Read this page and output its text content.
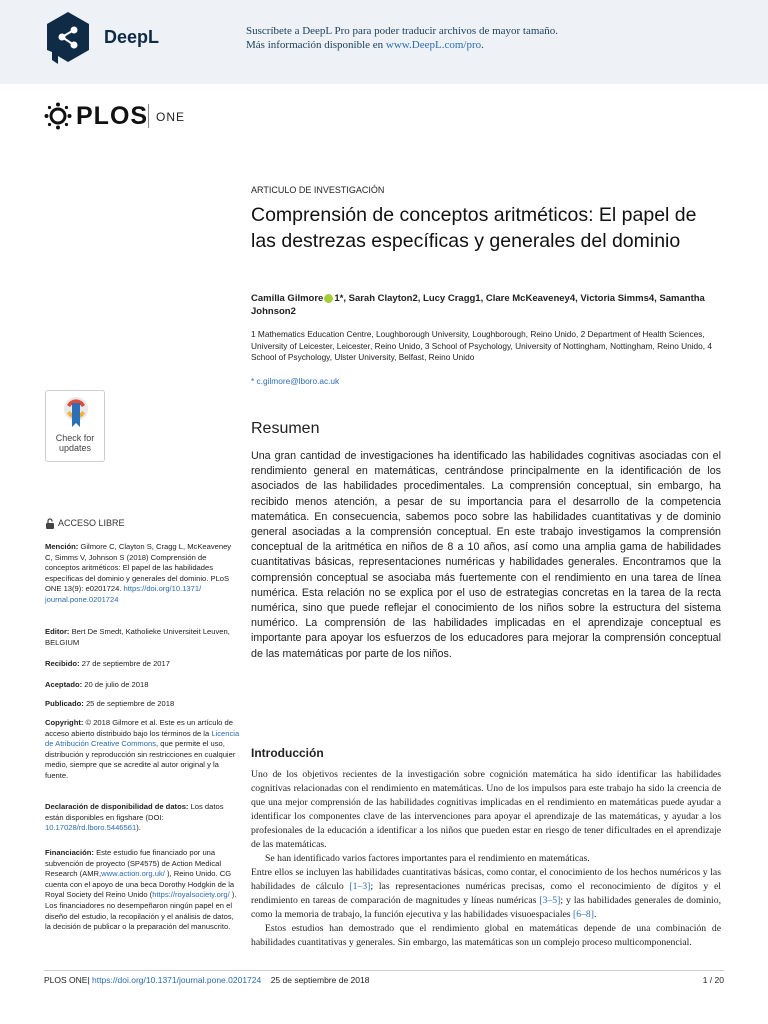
DeepL	Suscríbete a DeepL Pro para poder traducir archivos de mayor tamaño.
Más información disponible en www.DeepL.com/pro.
PLOS ONE
ARTICULO DE INVESTIGACIÓN
Comprensión de conceptos aritméticos: El papel de las destrezas específicas y generales del dominio
Camilla Gilmore 1*, Sarah Clayton2, Lucy Cragg1, Clare McKeaveney4, Victoria Simms4, Samantha Johnson2
1 Mathematics Education Centre, Loughborough University, Loughborough, Reino Unido, 2 Department of Health Sciences, University of Leicester, Leicester, Reino Unido, 3 School of Psychology, University of Nottingham, Nottingham, Reino Unido, 4 School of Psychology, Ulster University, Belfast, Reino Unido
* c.gilmore@lboro.ac.uk
Resumen
Una gran cantidad de investigaciones ha identificado las habilidades cognitivas asociadas con el rendimiento general en matemáticas, centrándose principalmente en la identificación de los asociados de las habilidades procedimentales. La comprensión conceptual, sin embargo, ha recibido menos atención, a pesar de su importancia para el desarrollo de la competencia matemática. En consecuencia, sabemos poco sobre las habilidades cuantitativas y de dominio general asociadas a la comprensión conceptual. En este trabajo investigamos la comprensión conceptual de la aritmética en niños de 8 a 10 años, así como una amplia gama de habilidades cuantitativas básicas, representaciones numéricas y habilidades generales. Encontramos que la comprensión conceptual se asociaba más fuertemente con el rendimiento en una tarea de línea numérica. Esta relación no se explica por el uso de estrategias concretas en la tarea de la recta numérica, sino que puede reflejar el conocimiento de los niños sobre la estructura del sistema numérico. La comprensión de las habilidades implicadas en el aprendizaje conceptual es importante para apoyar los esfuerzos de los educadores para mejorar la comprensión conceptual de las matemáticas por parte de los niños.
Introducción

Uno de los objetivos recientes de la investigación sobre cognición matemática ha sido identificar las habilidades cognitivas relacionadas con el rendimiento en matemáticas. Uno de los impulsos para este trabajo ha sido la creencia de que una mejor comprensión de las habilidades cognitivas implicadas en el rendimiento en matemáticas puede ayudar a identificar los componentes clave de las intervenciones para apoyar el aprendizaje de las matemáticas, y ayudar a los profesionales de la educación a identificar a los niños que pueden estar en riesgo de tener dificultades en el aprendizaje de las matemáticas.

Se han identificado varios factores importantes para el rendimiento en matemáticas.

Entre ellos se incluyen las habilidades cuantitativas básicas, como contar, el conocimiento de los hechos numéricos y las habilidades de cálculo [1–3]; las representaciones numéricas precisas, como el reconocimiento de dígitos y el rendimiento en tareas de comparación de magnitudes y líneas numéricas [3–5]; y las habilidades generales de dominio, como la memoria de trabajo, la función ejecutiva y las habilidades visuoespaciales [6–8].

Estos estudios han demostrado que el rendimiento global en matemáticas depende de una combinación de habilidades cuantitativas y generales. Sin embargo, las matemáticas son un complejo proceso multicomponencial.

Check for
updates
ACCESO LIBRE
Mención: Gilmore C, Clayton S, Cragg L, McKeaveney C, Simms V, Johnson S (2018) Comprensión de conceptos aritméticos: El papel de las habilidades específicas del dominio y generales del dominio. PLoS ONE 13(9): e0201724. https://doi.org/10.1371/ journal.pone.0201724
Editor: Bert De Smedt, Katholieke Universiteit Leuven, BELGIUM
Recibido: 27 de septiembre de 2017
Aceptado: 20 de julio de 2018
Publicado: 25 de septiembre de 2018
Copyright: © 2018 Gilmore et al. Este es un artículo de acceso abierto distribuido bajo los términos de la Licencia de Atribución Creative Commons, que permite el uso, distribución y reproducción sin restricciones en cualquier medio, siempre que se acredite al autor original y la fuente.
Declaración de disponibilidad de datos: Los datos están disponibles en figshare (DOI: 10.17028/rd.lboro.5446561).
Financiación: Este estudio fue financiado por una subvención de proyecto (SP4575) de Action Medical Research (AMR,www.action.org.uk/ ), Reino Unido. CG cuenta con el apoyo de una beca Dorothy Hodgkin de la Royal Society del Reino Unido (https://royalsociety.org/ ). Los financiadores no desempeñaron ningún papel en el diseño del estudio, la recopilación y el análisis de datos, la decisión de publicar o la preparación del manuscrito.
PLOS ONE| https://doi.org/10.1371/journal.pone.0201724 25 de septiembre de 2018	1 / 20
